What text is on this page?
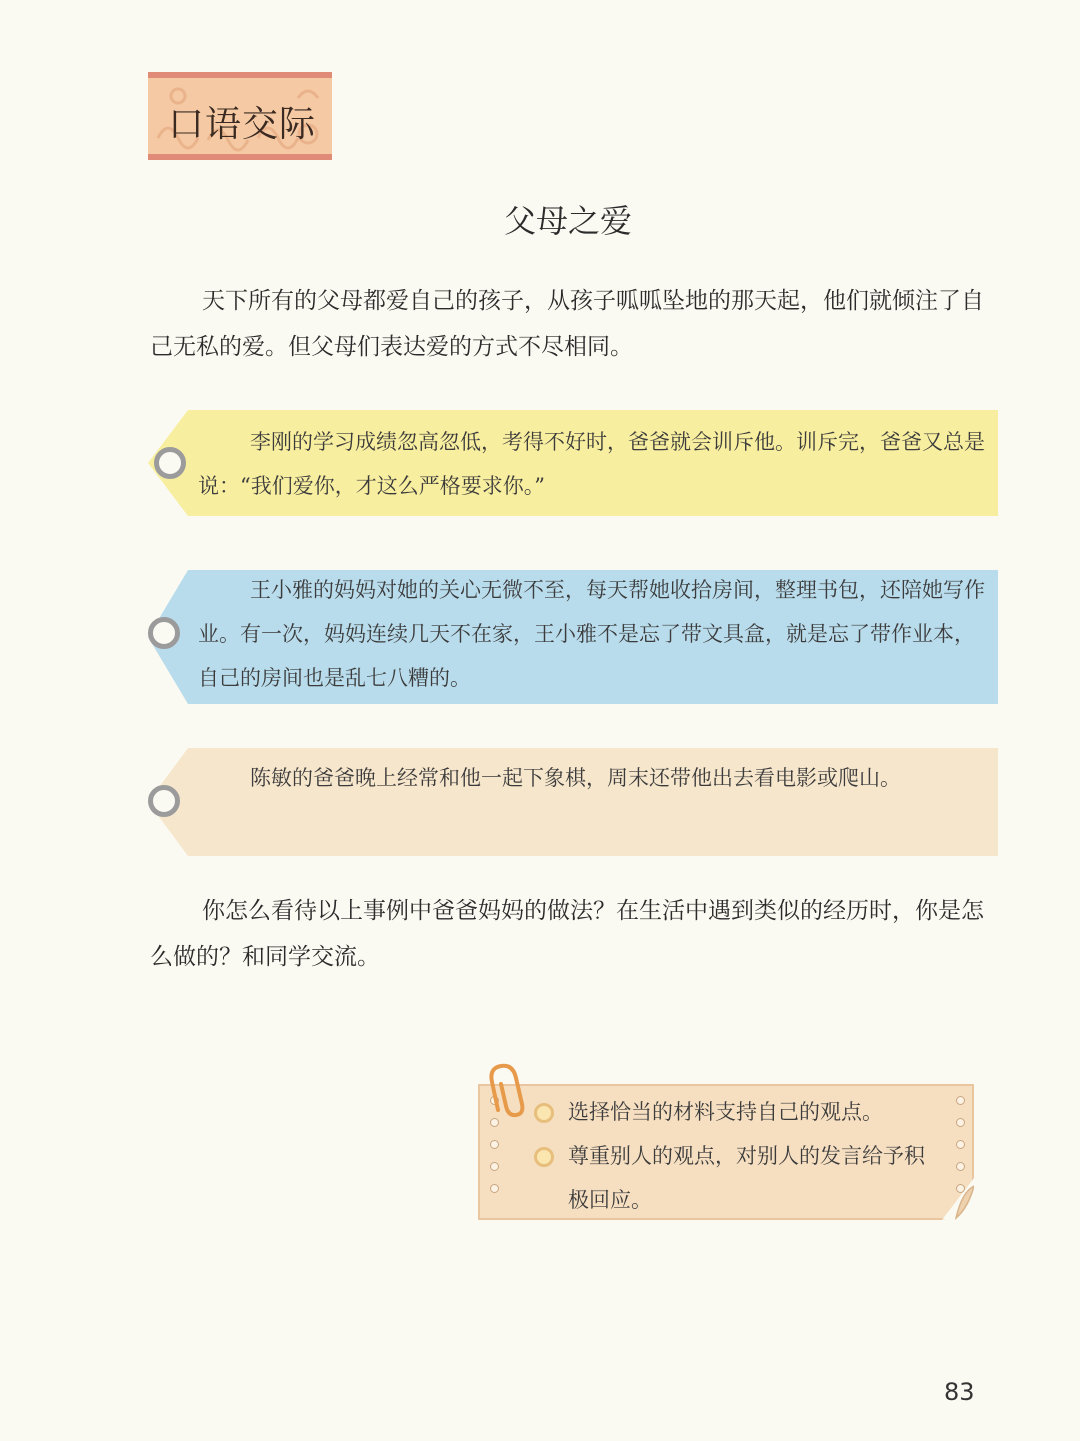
口语交际
父母之爱
天下所有的父母都爱自己的孩子，从孩子呱呱坠地的那天起，他们就倾注了自己无私的爱。但父母们表达爱的方式不尽相同。
李刚的学习成绩忽高忽低，考得不好时，爸爸就会训斥他。训斥完，爸爸又总是说：“我们爱你，才这么严格要求你。”
王小雅的妈妈对她的关心无微不至，每天帮她收拾房间，整理书包，还陪她写作业。有一次，妈妈连续几天不在家，王小雅不是忘了带文具盒，就是忘了带作业本，自己的房间也是乱七八糟的。
陈敏的爸爸晚上经常和他一起下象棋，周末还带他出去看电影或爬山。
你怎么看待以上事例中爸爸妈妈的做法？在生活中遇到类似的经历时，你是怎么做的？和同学交流。
选择恰当的材料支持自己的观点。
尊重别人的观点，对别人的发言给予积极回应。
83
